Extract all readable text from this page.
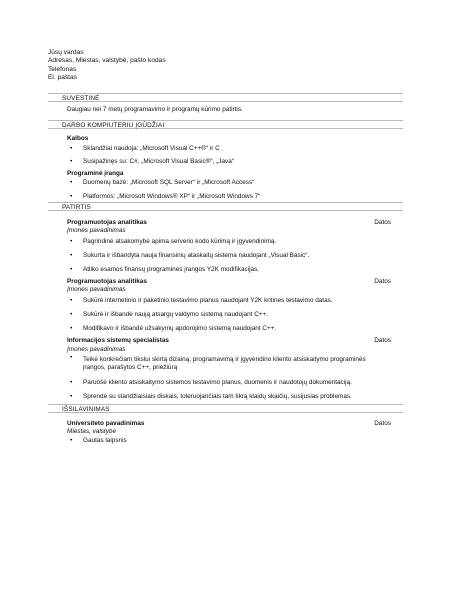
Jūsų vardas
Adresas, Miestas, valstybė, pašto kodas
Telefonas
El. paštas
SUVESTINĖ
Daugiau nei 7 metų programavimo ir programų kūrimo patirtis.
DARBO KOMPIUTERIU ĮGŪDŽIAI
Kalbos
• Sklandžiai naudoja: „Microsoft Visual C++®“ ir C
• Susipažinęs su: C#, „Microsoft Visual Basic®“, „Java“
Programinė įranga
• Duomenų bazė: „Microsoft SQL Server“ ir „Microsoft Access“
• Platformos: „Microsoft Windows® XP“ ir „Microsoft Windows 7“
PATIRTIS
Programuotojas analitikas	Datos
Įmonės pavadinimas
• Pagrindinė atsakomybė apima serverio kodo kūrimą ir įgyvendinimą.
• Sukurta ir išbandyta nauja finansinių ataskaitų sistema naudojant „Visual Basic“.
• Atliko esamos finansų programinės įrangos Y2K modifikacijas.
Programuotojas analitikas	Datos
Įmonės pavadinimas
• Sukūrė internetinio ir paketinio testavimo planus naudojant Y2K kritines testavimo datas.
• Sukūrė ir išbandė naują atsargų valdymo sistemą naudojant C++.
• Modifikavo ir išbandė užsakymų apdorojimo sistemą naudojant C++.
Informacijos sistemų specialistas	Datos
Įmonės pavadinimas
• Teikė konkrečiam tikslui skirtą dizainą, programavimą ir įgyvendino kliento atsiskaitymo programinės įrangos, parašytos C++, priežiūrą
• Paruošė kliento atsiskaitymo sistemos testavimo planus, duomenis ir naudotojų dokumentaciją.
• Sprendė su standžiaisiais diskais, toleruojančiais tam tikrą klaidų skaičių, susijusias problemas.
IŠSILAVINIMAS
Universiteto pavadinimas	Datos
Miestas, valstybė
• Gautas laipsnis
